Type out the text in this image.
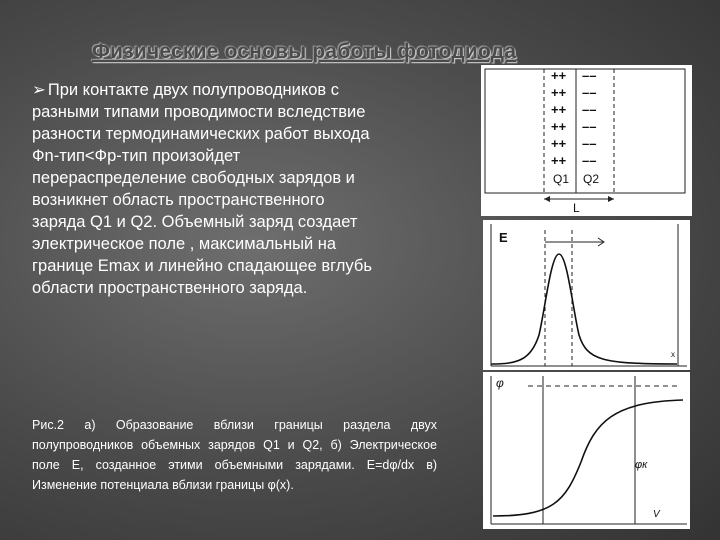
Физические основы работы фотодиода
➢ При контакте двух полупроводников с
разными типами проводимости вследствие
разности термодинамических работ выхода
Фn-тип<Фр-тип произойдет
перераспределение свободных зарядов и
возникнет область пространственного
заряда Q1 и Q2. Объемный заряд создает
электрическое поле , максимальный на
границе Emax и линейно спадающее вглубь
области пространственного заряда.
Рис.2 а) Образование вблизи границы раздела двух полупроводников объемных зарядов Q1 и Q2, б) Электрическое поле E, созданное этими объемными зарядами. E=dφ/dx в) Изменение потенциала вблизи границы φ(x).
++
++
++
++
++
++
––
––
––
––
––
––
Q1 Q2
L
E
x
φ
φк
V
